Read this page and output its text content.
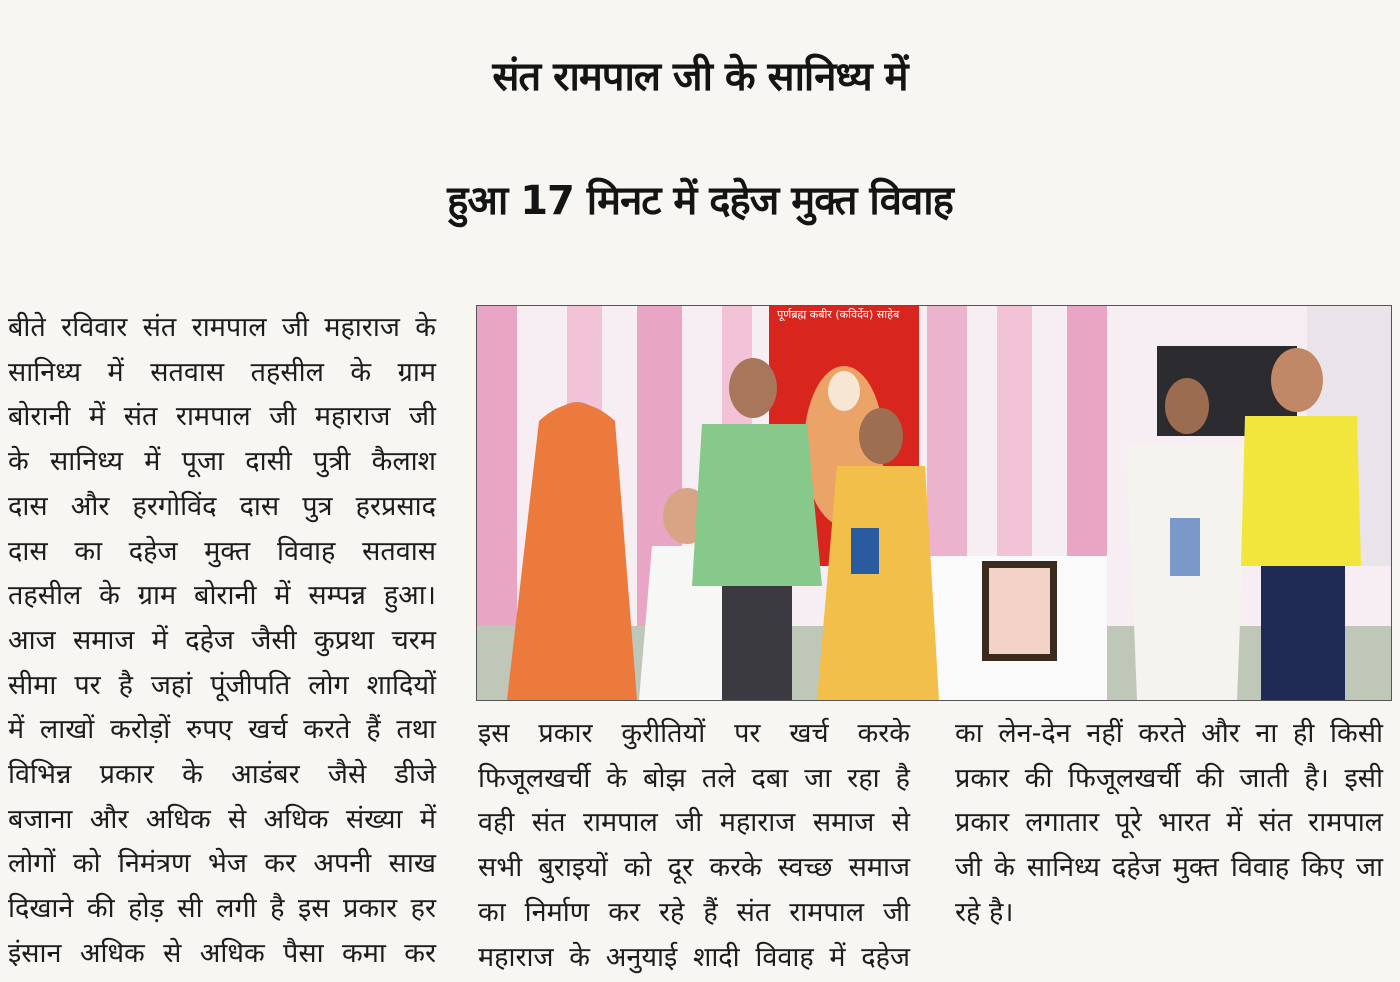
संत रामपाल जी के सानिध्य में
हुआ 17 मिनट में दहेज मुक्त विवाह

बीते रविवार संत रामपाल जी महाराज के

सानिध्य में सतवास तहसील के ग्राम

बोरानी में संत रामपाल जी महाराज जी

के सानिध्य में पूजा दासी पुत्री कैलाश

दास और हरगोविंद दास पुत्र हरप्रसाद

दास का दहेज मुक्त विवाह सतवास

तहसील के ग्राम बोरानी में सम्पन्न हुआ।

आज समाज में दहेज जैसी कुप्रथा चरम

सीमा पर है जहां पूंजीपति लोग शादियों

में लाखों करोड़ों रुपए खर्च करते हैं तथा

विभिन्न प्रकार के आडंबर जैसे डीजे

बजाना और अधिक से अधिक संख्या में

लोगों को निमंत्रण भेज कर अपनी साख

दिखाने की होड़ सी लगी है इस प्रकार हर

इंसान अधिक से अधिक पैसा कमा कर

पूर्णब्रह्म कबीर (कविर्देव) साहेब

इस प्रकार कुरीतियों पर खर्च करके

फिजूलखर्ची के बोझ तले दबा जा रहा है

वही संत रामपाल जी महाराज समाज से

सभी बुराइयों को दूर करके स्वच्छ समाज

का निर्माण कर रहे हैं संत रामपाल जी

महाराज के अनुयाई शादी विवाह में दहेज

का लेन-देन नहीं करते और ना ही किसी

प्रकार की फिजूलखर्ची की जाती है। इसी

प्रकार लगातार पूरे भारत में संत रामपाल

जी के सानिध्य दहेज मुक्त विवाह किए जा

रहे है।
